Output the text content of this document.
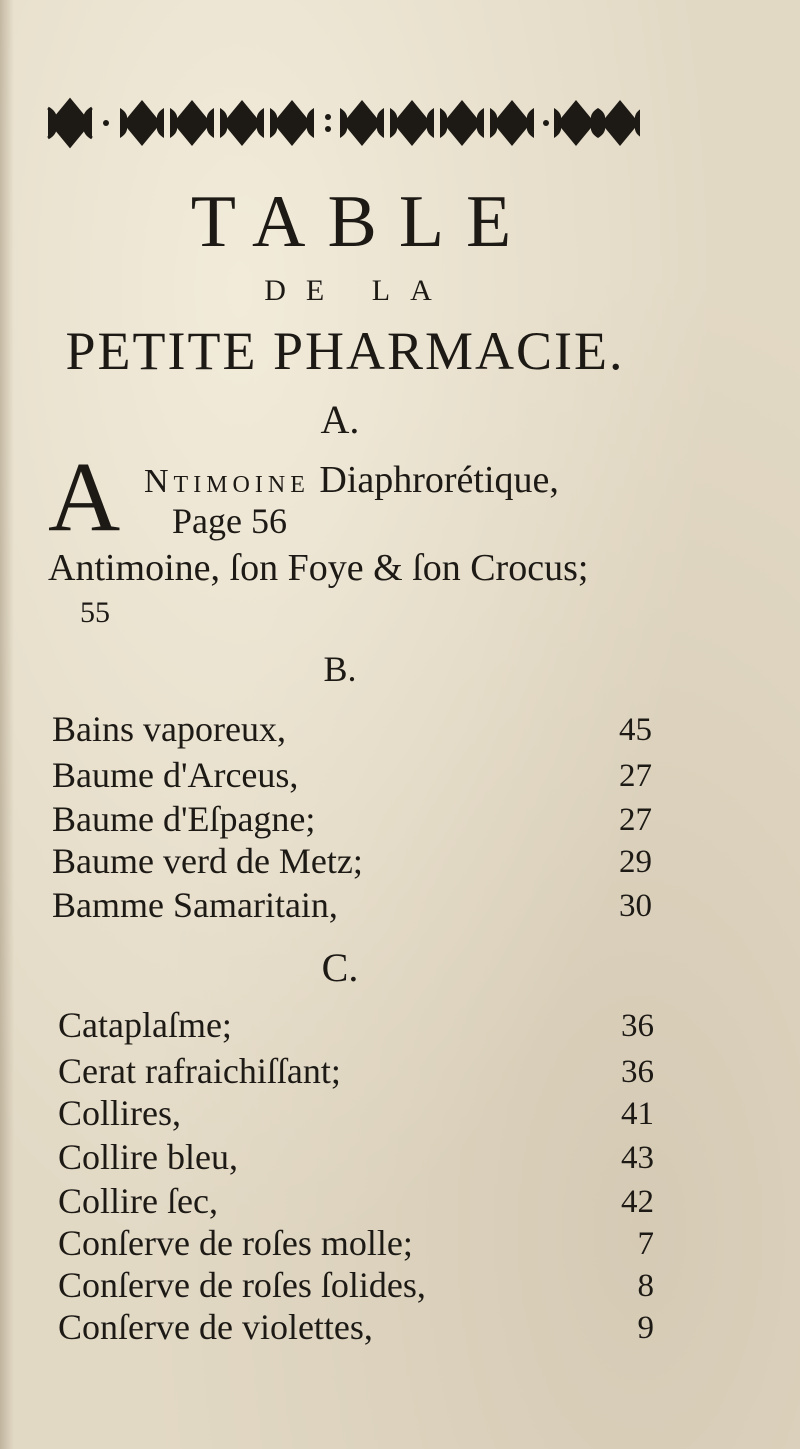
TABLE
DE LA
PETITE PHARMACIE.
A.
A Ntimoine Diaphrorétique,
Page 56
Antimoine, ſon Foye & ſon Crocus;
55
B.
Bains vaporeux,	45
Baume d'Arceus,	27
Baume d'Eſpagne;	27
Baume verd de Metz;	29
Bamme Samaritain,	30
C.
Cataplaſme;	36
Cerat rafraichiſſant;	36
Collires,	41
Collire bleu,	43
Collire ſec,	42
Conſerve de roſes molle;	7
Conſerve de roſes ſolides,	8
Conſerve de violettes,	9
